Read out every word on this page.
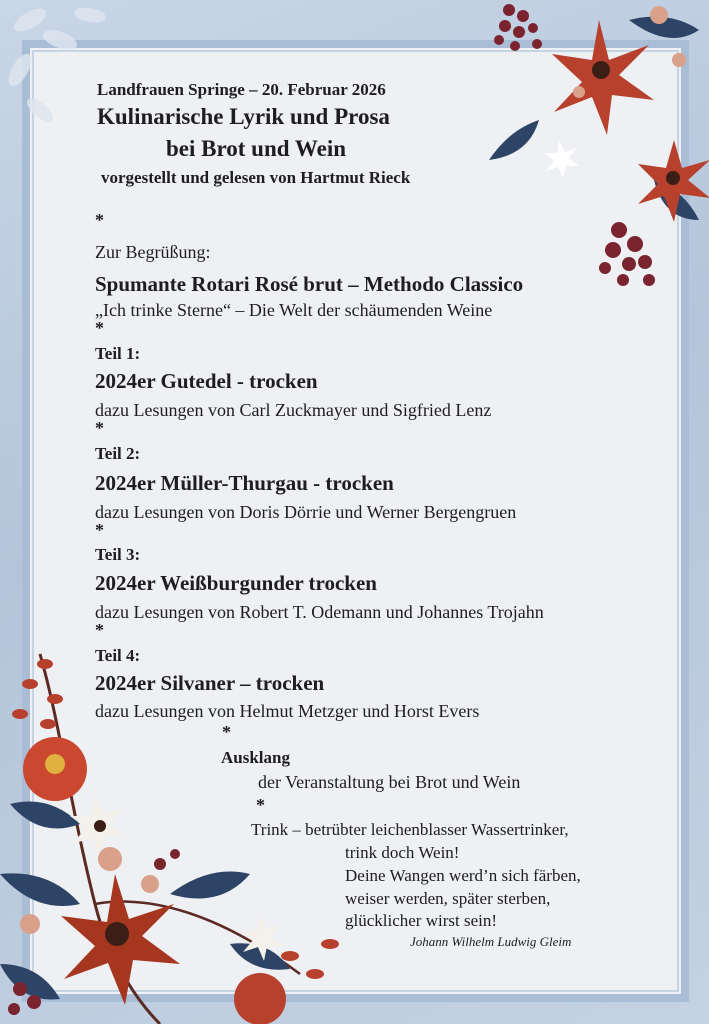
Landfrauen Springe – 20. Februar 2026
Kulinarische Lyrik und Prosa
bei Brot und Wein
vorgestellt und gelesen von Hartmut Rieck
*
Zur Begrüßung:
Spumante Rotari Rosé brut – Methodo Classico
„Ich trinke Sterne“ – Die Welt der schäumenden Weine
*
Teil 1:
2024er Gutedel - trocken
dazu Lesungen von Carl Zuckmayer und Sigfried Lenz
*
Teil 2:
2024er Müller-Thurgau - trocken
dazu Lesungen von Doris Dörrie und Werner Bergengruen
*
Teil 3:
2024er Weißburgunder trocken
dazu Lesungen von Robert T. Odemann und Johannes Trojahn
*
Teil 4:
2024er Silvaner – trocken
dazu Lesungen von Helmut Metzger und Horst Evers
*
Ausklang
der Veranstaltung bei Brot und Wein
*
Trink – betrübter leichenblasser Wassertrinker,
trink doch Wein!
Deine Wangen werd’n sich färben,
weiser werden, später sterben,
glücklicher wirst sein!
Johann Wilhelm Ludwig Gleim
